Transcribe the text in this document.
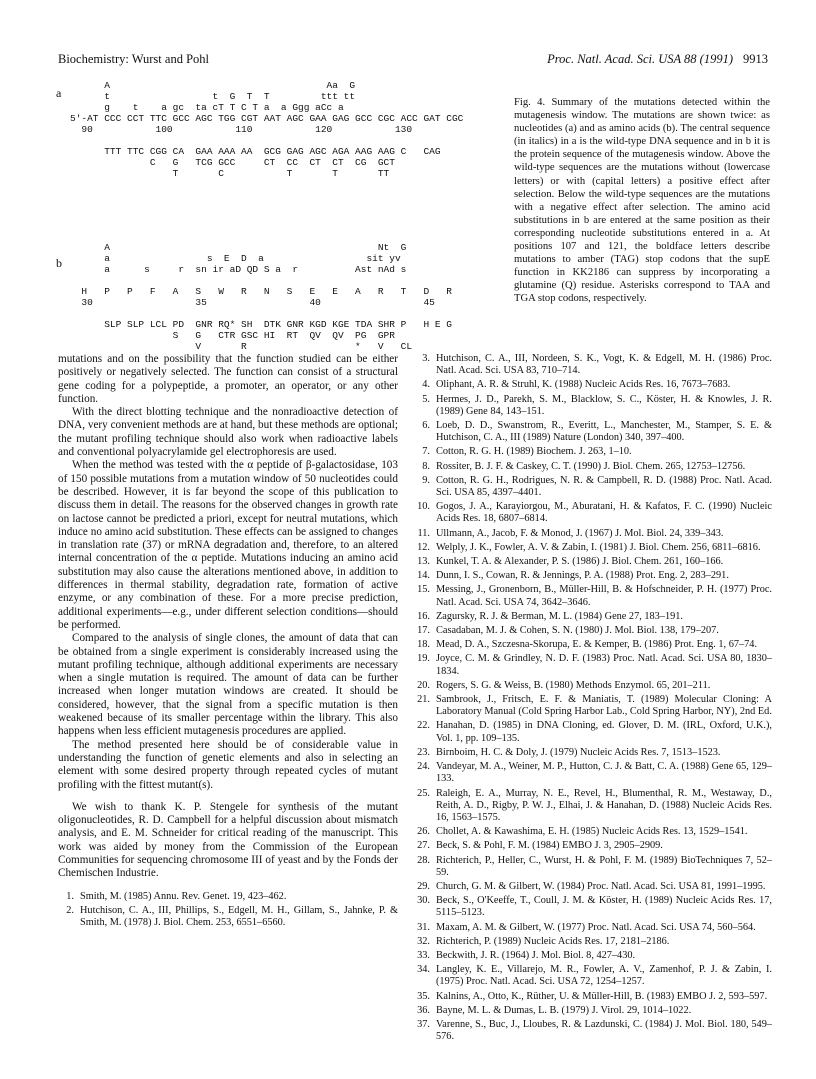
Biochemistry: Wurst and Pohl	Proc. Natl. Acad. Sci. USA 88 (1991) 9913
a
A                                      Aa  G
t                  t  G  T  T         ttt tt
g    t    a gc  ta cT T C T a  a Ggg aCc a
5'-AT CCC CCT TTC GCC AGC TGG CGT AAT AGC GAA GAG GCC CGC ACC GAT CGC
90           100           110           120           130
TTT TTC CGG CA  GAA AAA AA  GCG GAG AGC AGA AAG AAG C   CAG
C   G   TCG GCC     CT  CC  CT  CT  CG  GCT
T       C           T       T       TT
b
A                                               Nt  G
a                 s  E  D  a                  sit yv
a      s     r  sn ir aD QD S a  r          Ast nAd s
H   P   P   F   A   S   W   R   N   S   E   E   A   R   T   D   R
30                  35                  40                  45
SLP SLP LCL PD  GNR RQ* SH  DTK GNR KGD KGE TDA SHR P   H E G
S   G   CTR GSC HI  RT  QV  QV  PG  GPR
V       R                   *   V   CL
Fig. 4. Summary of the mutations detected within the mutagenesis window. The mutations are shown twice: as nucleotides (a) and as amino acids (b). The central sequence (in italics) in a is the wild-type DNA sequence and in b it is the protein sequence of the mutagenesis window. Above the wild-type sequences are the mutations without (lowercase letters) or with (capital letters) a positive effect after selection. Below the wild-type sequences are the mutations with a negative effect after selection. The amino acid substitutions in b are entered at the same position as their corresponding nucleotide substitutions entered in a. At positions 107 and 121, the boldface letters describe mutations to amber (TAG) stop codons that the supE function in KK2186 can suppress by incorporating a glutamine (Q) residue. Asterisks correspond to TAA and TGA stop codons, respectively.

mutations and on the possibility that the function studied can be either positively or negatively selected. The function can consist of a structural gene coding for a polypeptide, a promoter, an operator, or any other function.

With the direct blotting technique and the nonradioactive detection of DNA, very convenient methods are at hand, but these methods are optional; the mutant profiling technique should also work when radioactive labels and conventional polyacrylamide gel electrophoresis are used.

When the method was tested with the α peptide of β-galactosidase, 103 of 150 possible mutations from a mutation window of 50 nucleotides could be described. However, it is far beyond the scope of this publication to discuss them in detail. The reasons for the observed changes in growth rate on lactose cannot be predicted a priori, except for neutral mutations, which induce no amino acid substitution. These effects can be assigned to changes in translation rate (37) or mRNA degradation and, therefore, to an altered internal concentration of the α peptide. Mutations inducing an amino acid substitution may also cause the alterations mentioned above, in addition to differences in thermal stability, degradation rate, formation of active enzyme, or any combination of these. For a more precise prediction, additional experiments—e.g., under different selection conditions—should be performed.

Compared to the analysis of single clones, the amount of data that can be obtained from a single experiment is considerably increased using the mutant profiling technique, although additional experiments are necessary when a single mutation is required. The amount of data can be further increased when longer mutation windows are created. It should be considered, however, that the signal from a specific mutation is then weakened because of its smaller percentage within the library. This also happens when less efficient mutagenesis procedures are applied.

The method presented here should be of considerable value in understanding the function of genetic elements and also in selecting an element with some desired property through repeated cycles of mutant profiling with the fittest mutant(s).

We wish to thank K. P. Stengele for synthesis of the mutant oligonucleotides, R. D. Campbell for a helpful discussion about mismatch analysis, and E. M. Schneider for critical reading of the manuscript. This work was aided by money from the Commission of the European Communities for sequencing chromosome III of yeast and by the Fonds der Chemischen Industrie.

1. Smith, M. (1985) Annu. Rev. Genet. 19, 423–462.
2. Hutchison, C. A., III, Phillips, S., Edgell, M. H., Gillam, S., Jahnke, P. & Smith, M. (1978) J. Biol. Chem. 253, 6551–6560.
3. Hutchison, C. A., III, Nordeen, S. K., Vogt, K. & Edgell, M. H. (1986) Proc. Natl. Acad. Sci. USA 83, 710–714.
4. Oliphant, A. R. & Struhl, K. (1988) Nucleic Acids Res. 16, 7673–7683.
5. Hermes, J. D., Parekh, S. M., Blacklow, S. C., Köster, H. & Knowles, J. R. (1989) Gene 84, 143–151.
6. Loeb, D. D., Swanstrom, R., Everitt, L., Manchester, M., Stamper, S. E. & Hutchison, C. A., III (1989) Nature (London) 340, 397–400.
7. Cotton, R. G. H. (1989) Biochem. J. 263, 1–10.
8. Rossiter, B. J. F. & Caskey, C. T. (1990) J. Biol. Chem. 265, 12753–12756.
9. Cotton, R. G. H., Rodrigues, N. R. & Campbell, R. D. (1988) Proc. Natl. Acad. Sci. USA 85, 4397–4401.
10. Gogos, J. A., Karayiorgou, M., Aburatani, H. & Kafatos, F. C. (1990) Nucleic Acids Res. 18, 6807–6814.
11. Ullmann, A., Jacob, F. & Monod, J. (1967) J. Mol. Biol. 24, 339–343.
12. Welply, J. K., Fowler, A. V. & Zabin, I. (1981) J. Biol. Chem. 256, 6811–6816.
13. Kunkel, T. A. & Alexander, P. S. (1986) J. Biol. Chem. 261, 160–166.
14. Dunn, I. S., Cowan, R. & Jennings, P. A. (1988) Prot. Eng. 2, 283–291.
15. Messing, J., Gronenborn, B., Müller-Hill, B. & Hofschneider, P. H. (1977) Proc. Natl. Acad. Sci. USA 74, 3642–3646.
16. Zagursky, R. J. & Berman, M. L. (1984) Gene 27, 183–191.
17. Casadaban, M. J. & Cohen, S. N. (1980) J. Mol. Biol. 138, 179–207.
18. Mead, D. A., Szczesna-Skorupa, E. & Kemper, B. (1986) Prot. Eng. 1, 67–74.
19. Joyce, C. M. & Grindley, N. D. F. (1983) Proc. Natl. Acad. Sci. USA 80, 1830–1834.
20. Rogers, S. G. & Weiss, B. (1980) Methods Enzymol. 65, 201–211.
21. Sambrook, J., Fritsch, E. F. & Maniatis, T. (1989) Molecular Cloning: A Laboratory Manual (Cold Spring Harbor Lab., Cold Spring Harbor, NY), 2nd Ed.
22. Hanahan, D. (1985) in DNA Cloning, ed. Glover, D. M. (IRL, Oxford, U.K.), Vol. 1, pp. 109–135.
23. Birnboim, H. C. & Doly, J. (1979) Nucleic Acids Res. 7, 1513–1523.
24. Vandeyar, M. A., Weiner, M. P., Hutton, C. J. & Batt, C. A. (1988) Gene 65, 129–133.
25. Raleigh, E. A., Murray, N. E., Revel, H., Blumenthal, R. M., Westaway, D., Reith, A. D., Rigby, P. W. J., Elhai, J. & Hanahan, D. (1988) Nucleic Acids Res. 16, 1563–1575.
26. Chollet, A. & Kawashima, E. H. (1985) Nucleic Acids Res. 13, 1529–1541.
27. Beck, S. & Pohl, F. M. (1984) EMBO J. 3, 2905–2909.
28. Richterich, P., Heller, C., Wurst, H. & Pohl, F. M. (1989) BioTechniques 7, 52–59.
29. Church, G. M. & Gilbert, W. (1984) Proc. Natl. Acad. Sci. USA 81, 1991–1995.
30. Beck, S., O'Keeffe, T., Coull, J. M. & Köster, H. (1989) Nucleic Acids Res. 17, 5115–5123.
31. Maxam, A. M. & Gilbert, W. (1977) Proc. Natl. Acad. Sci. USA 74, 560–564.
32. Richterich, P. (1989) Nucleic Acids Res. 17, 2181–2186.
33. Beckwith, J. R. (1964) J. Mol. Biol. 8, 427–430.
34. Langley, K. E., Villarejo, M. R., Fowler, A. V., Zamenhof, P. J. & Zabin, I. (1975) Proc. Natl. Acad. Sci. USA 72, 1254–1257.
35. Kalnins, A., Otto, K., Rüther, U. & Müller-Hill, B. (1983) EMBO J. 2, 593–597.
36. Bayne, M. L. & Dumas, L. B. (1979) J. Virol. 29, 1014–1022.
37. Varenne, S., Buc, J., Lloubes, R. & Lazdunski, C. (1984) J. Mol. Biol. 180, 549–576.
